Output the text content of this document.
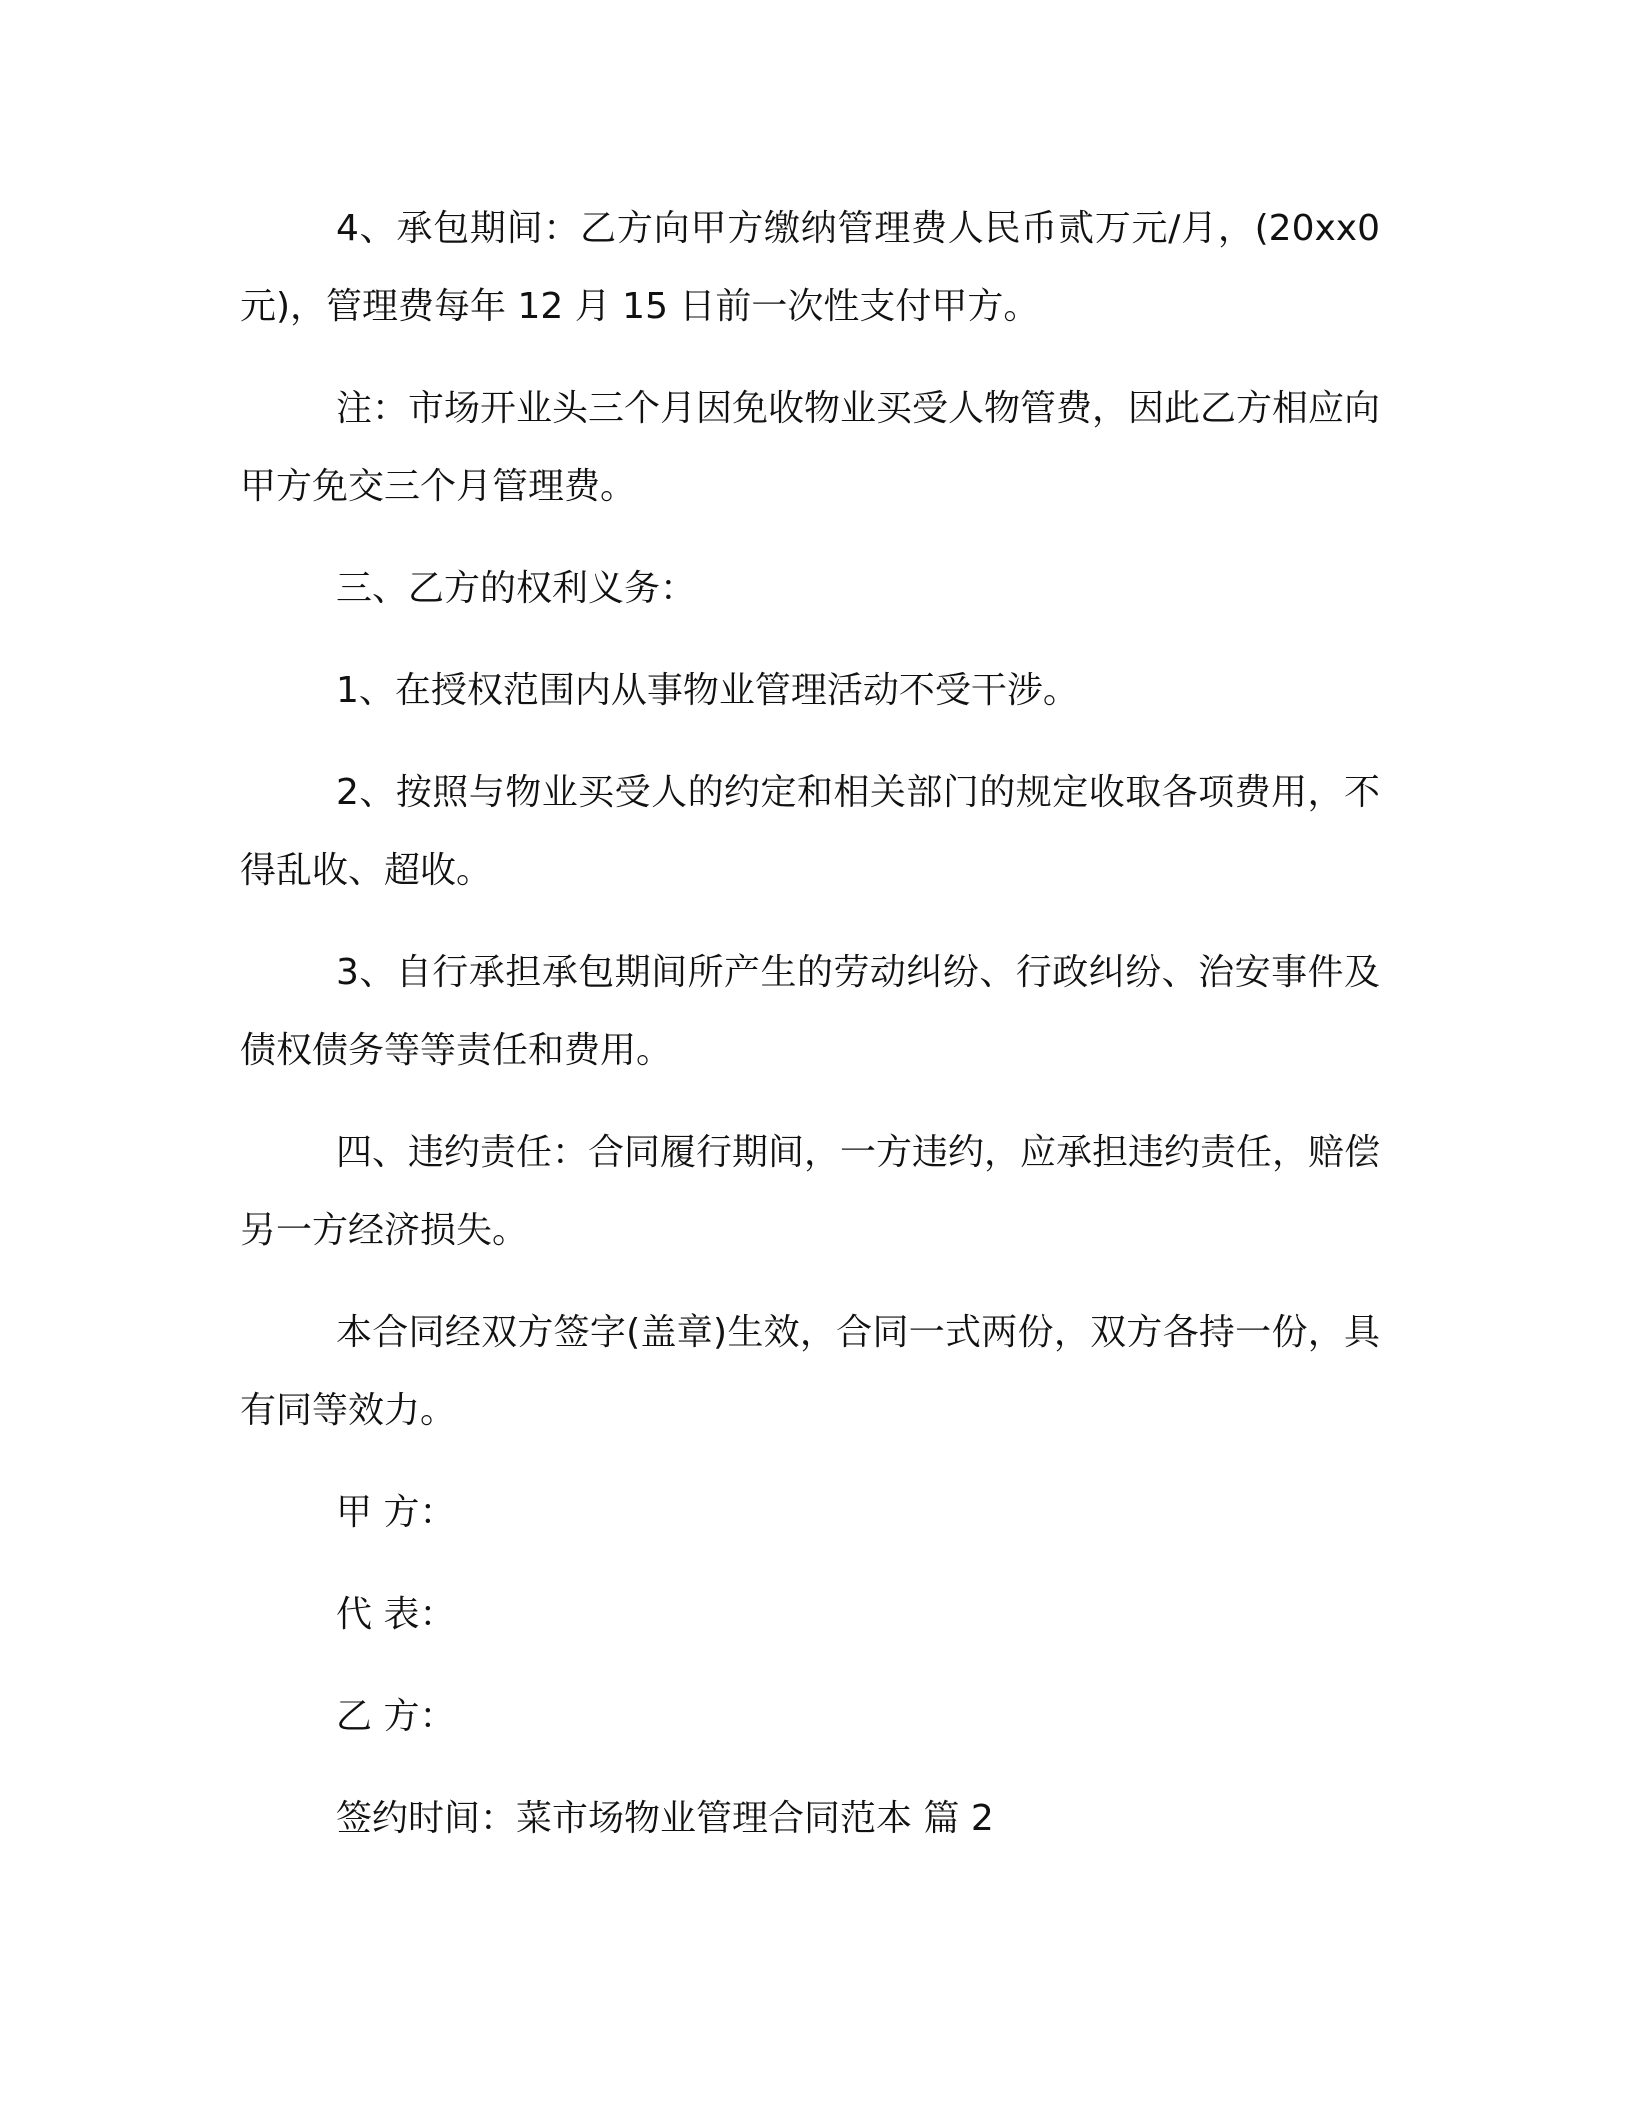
4、承包期间：乙方向甲方缴纳管理费人民币贰万元/月，(20xx0元)，管理费每年 12 月 15 日前一次性支付甲方。

注：市场开业头三个月因免收物业买受人物管费，因此乙方相应向甲方免交三个月管理费。

三、乙方的权利义务：

1、在授权范围内从事物业管理活动不受干涉。

2、按照与物业买受人的约定和相关部门的规定收取各项费用，不得乱收、超收。

3、自行承担承包期间所产生的劳动纠纷、行政纠纷、治安事件及债权债务等等责任和费用。

四、违约责任：合同履行期间，一方违约，应承担违约责任，赔偿另一方经济损失。

本合同经双方签字(盖章)生效，合同一式两份，双方各持一份，具有同等效力。

甲 方：
代 表：
乙 方：
签约时间：菜市场物业管理合同范本 篇 2
